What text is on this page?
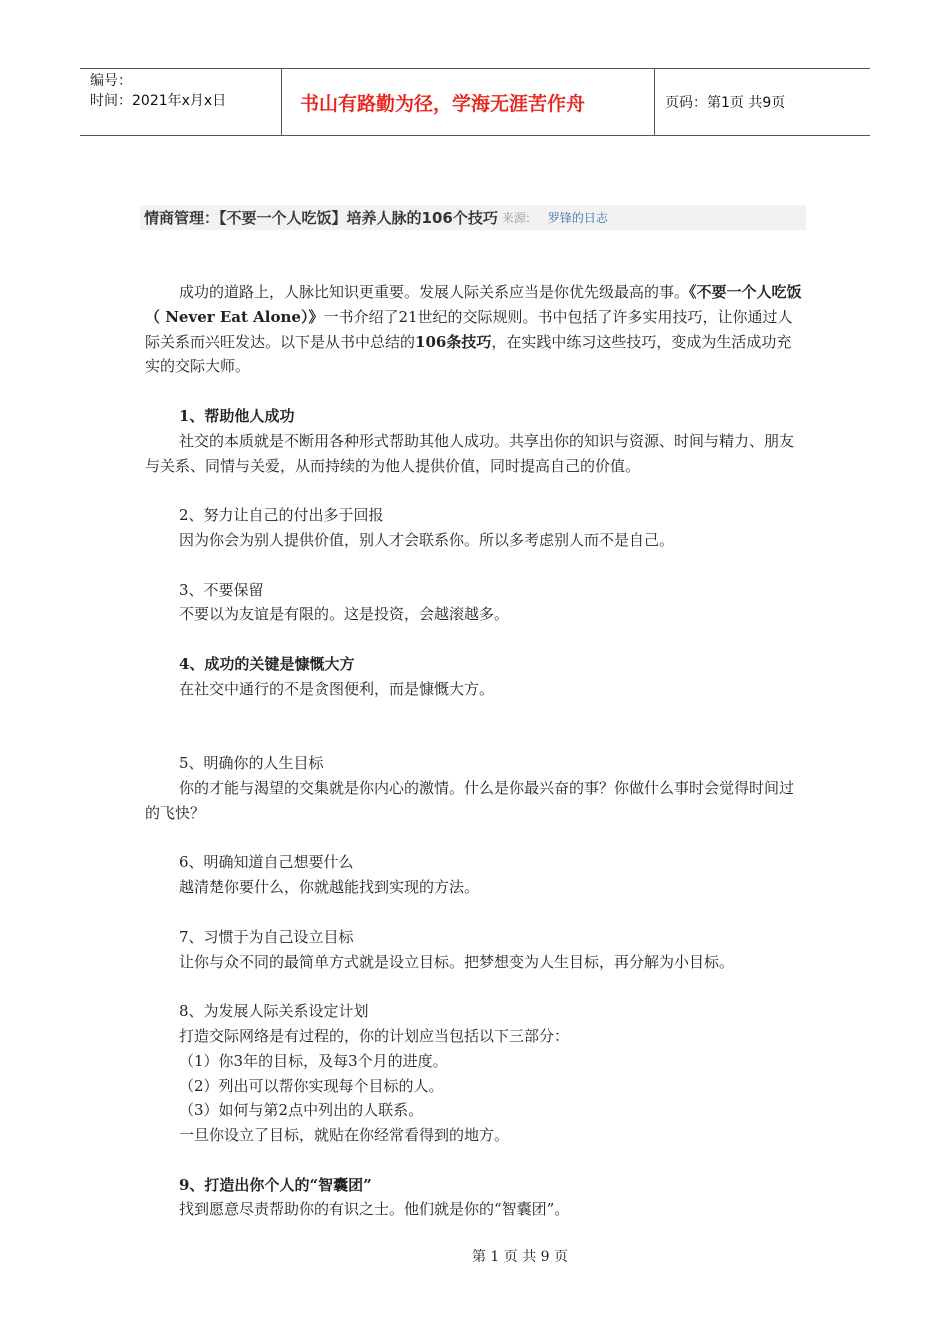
编号：
时间：2021年x月x日	书山有路勤为径，学海无涯苦作舟	页码：第1页 共9页
情商管理：【不要一个人吃饭】培养人脉的106个技巧 来源: 罗锋的日志

成功的道路上，人脉比知识更重要。发展人际关系应当是你优先级最高的事。《不要一个人吃饭（ Never Eat Alone）》一书介绍了21世纪的交际规则。书中包括了许多实用技巧，让你通过人际关系而兴旺发达。以下是从书中总结的106条技巧，在实践中练习这些技巧，变成为生活成功充实的交际大师。

1、帮助他人成功
社交的本质就是不断用各种形式帮助其他人成功。共享出你的知识与资源、时间与精力、朋友与关系、同情与关爱，从而持续的为他人提供价值，同时提高自己的价值。
2、努力让自己的付出多于回报
因为你会为别人提供价值，别人才会联系你。所以多考虑别人而不是自己。
3、不要保留
不要以为友谊是有限的。这是投资，会越滚越多。
4、成功的关键是慷慨大方
在社交中通行的不是贪图便利，而是慷慨大方。
5、明确你的人生目标
你的才能与渴望的交集就是你内心的激情。什么是你最兴奋的事？你做什么事时会觉得时间过的飞快？
6、明确知道自己想要什么
越清楚你要什么，你就越能找到实现的方法。
7、习惯于为自己设立目标
让你与众不同的最简单方式就是设立目标。把梦想变为人生目标，再分解为小目标。
8、为发展人际关系设定计划
打造交际网络是有过程的，你的计划应当包括以下三部分：
（1）你3年的目标，及每3个月的进度。
（2）列出可以帮你实现每个目标的人。
（3）如何与第2点中列出的人联系。
一旦你设立了目标，就贴在你经常看得到的地方。
9、打造出你个人的“智囊团”
找到愿意尽责帮助你的有识之士。他们就是你的“智囊团”。
第 1 页 共 9 页
